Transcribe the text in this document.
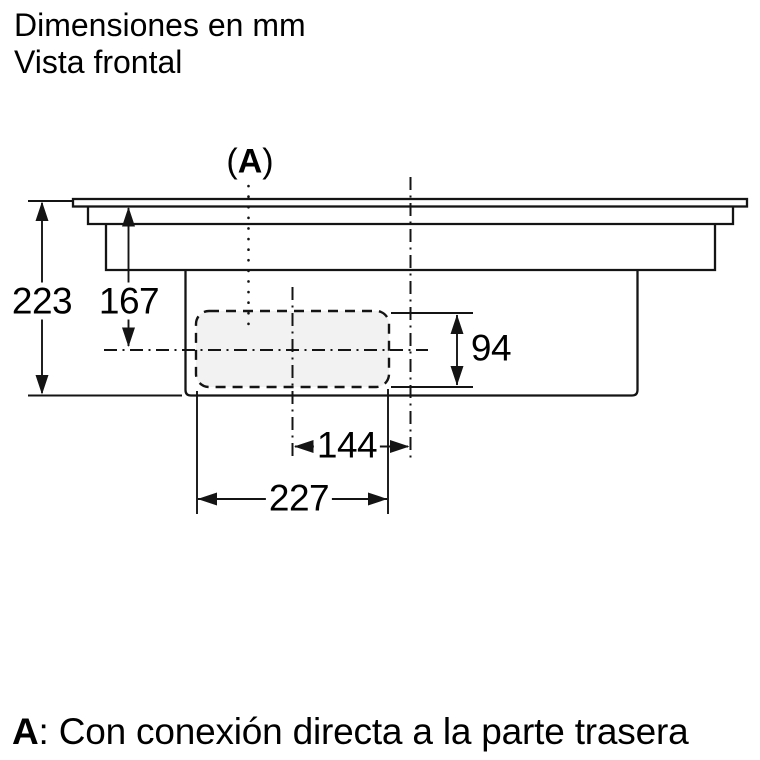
Dimensiones en mm
Vista frontal
(A)
223 167
94
144
227
A: Con conexión directa a la parte trasera
